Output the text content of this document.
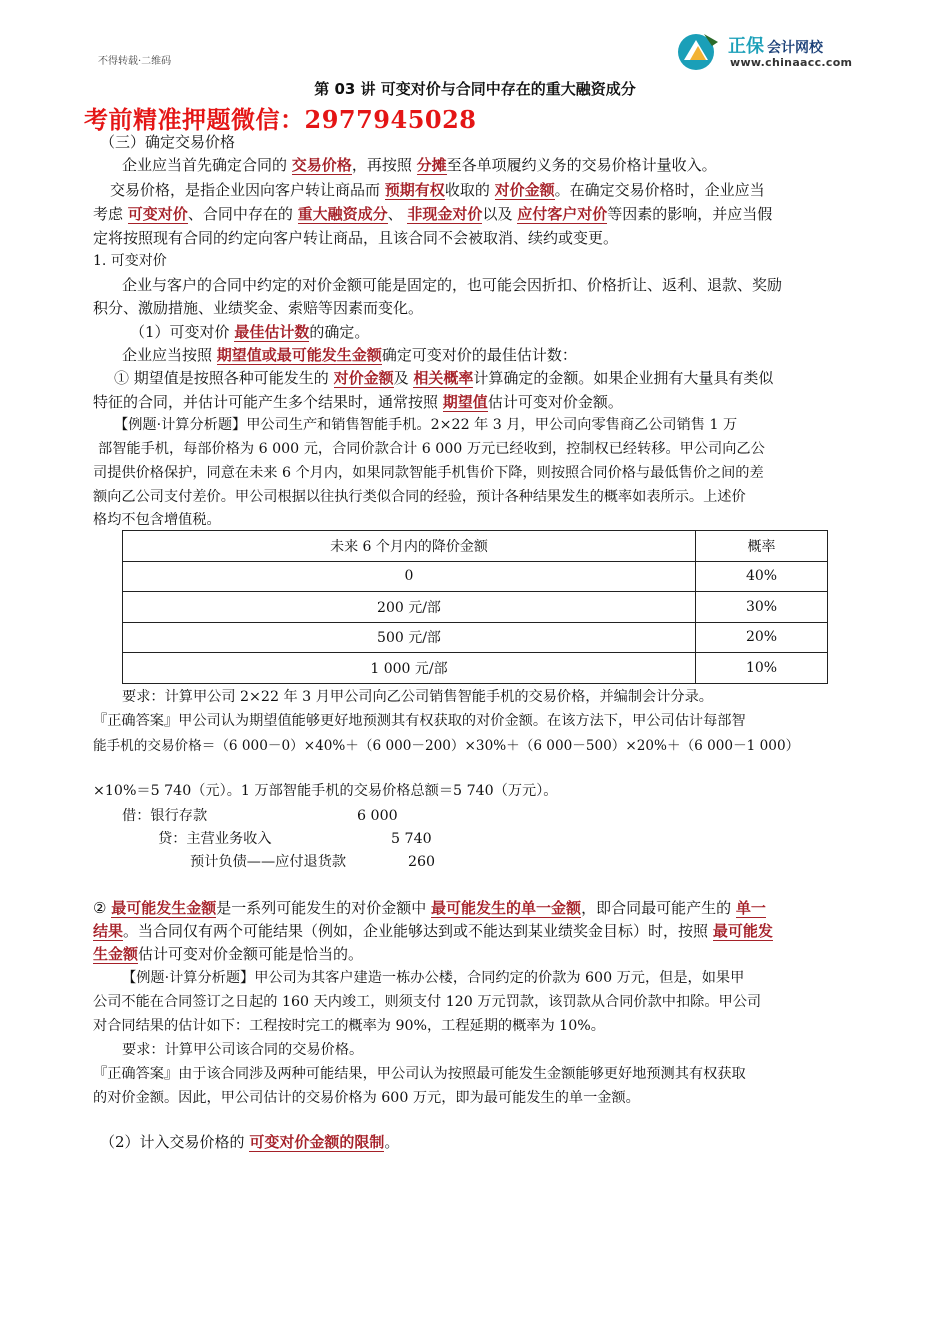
不得转载·二维码
正保 会计网校
www.chinaacc.com
第 03 讲 可变对价与合同中存在的重大融资成分
考前精准押题微信：2977945028
（三）确定交易价格
企业应当首先确定合同的 交易价格，再按照 分摊至各单项履约义务的交易价格计量收入。
交易价格，是指企业因向客户转让商品而 预期有权收取的 对价金额。在确定交易价格时，企业应当
考虑 可变对价、合同中存在的 重大融资成分、 非现金对价以及 应付客户对价等因素的影响，并应当假
定将按照现有合同的约定向客户转让商品，且该合同不会被取消、续约或变更。
1. 可变对价
企业与客户的合同中约定的对价金额可能是固定的，也可能会因折扣、价格折让、返利、退款、奖励
积分、激励措施、业绩奖金、索赔等因素而变化。
（1）可变对价 最佳估计数的确定。
企业应当按照 期望值或最可能发生金额确定可变对价的最佳估计数：
① 期望值是按照各种可能发生的 对价金额及 相关概率计算确定的金额。如果企业拥有大量具有类似
特征的合同，并估计可能产生多个结果时，通常按照 期望值估计可变对价金额。
【例题·计算分析题】甲公司生产和销售智能手机。2×22 年 3 月，甲公司向零售商乙公司销售 1 万
部智能手机，每部价格为 6 000 元，合同价款合计 6 000 万元已经收到，控制权已经转移。甲公司向乙公
司提供价格保护，同意在未来 6 个月内，如果同款智能手机售价下降，则按照合同价格与最低售价之间的差
额向乙公司支付差价。甲公司根据以往执行类似合同的经验，预计各种结果发生的概率如表所示。上述价
格均不包含增值税。
未来 6 个月内的降价金额	概率
0	40%
200 元/部	30%
500 元/部	20%
1 000 元/部	10%
要求：计算甲公司 2×22 年 3 月甲公司向乙公司销售智能手机的交易价格，并编制会计分录。
『正确答案』甲公司认为期望值能够更好地预测其有权获取的对价金额。在该方法下，甲公司估计每部智
能手机的交易价格＝（6 000－0）×40%＋（6 000－200）×30%＋（6 000－500）×20%＋（6 000－1 000）
×10%＝5 740（元）。1 万部智能手机的交易价格总额＝5 740（万元）。
借：银行存款	6 000
贷：主营业务收入	5 740
预计负债——应付退货款	260
② 最可能发生金额是一系列可能发生的对价金额中 最可能发生的单一金额，即合同最可能产生的 单一
结果。当合同仅有两个可能结果（例如，企业能够达到或不能达到某业绩奖金目标）时，按照 最可能发
生金额估计可变对价金额可能是恰当的。
【例题·计算分析题】甲公司为其客户建造一栋办公楼，合同约定的价款为 600 万元，但是，如果甲
公司不能在合同签订之日起的 160 天内竣工，则须支付 120 万元罚款，该罚款从合同价款中扣除。甲公司
对合同结果的估计如下：工程按时完工的概率为 90%，工程延期的概率为 10%。
要求：计算甲公司该合同的交易价格。
『正确答案』由于该合同涉及两种可能结果，甲公司认为按照最可能发生金额能够更好地预测其有权获取
的对价金额。因此，甲公司估计的交易价格为 600 万元，即为最可能发生的单一金额。
（2）计入交易价格的 可变对价金额的限制。
